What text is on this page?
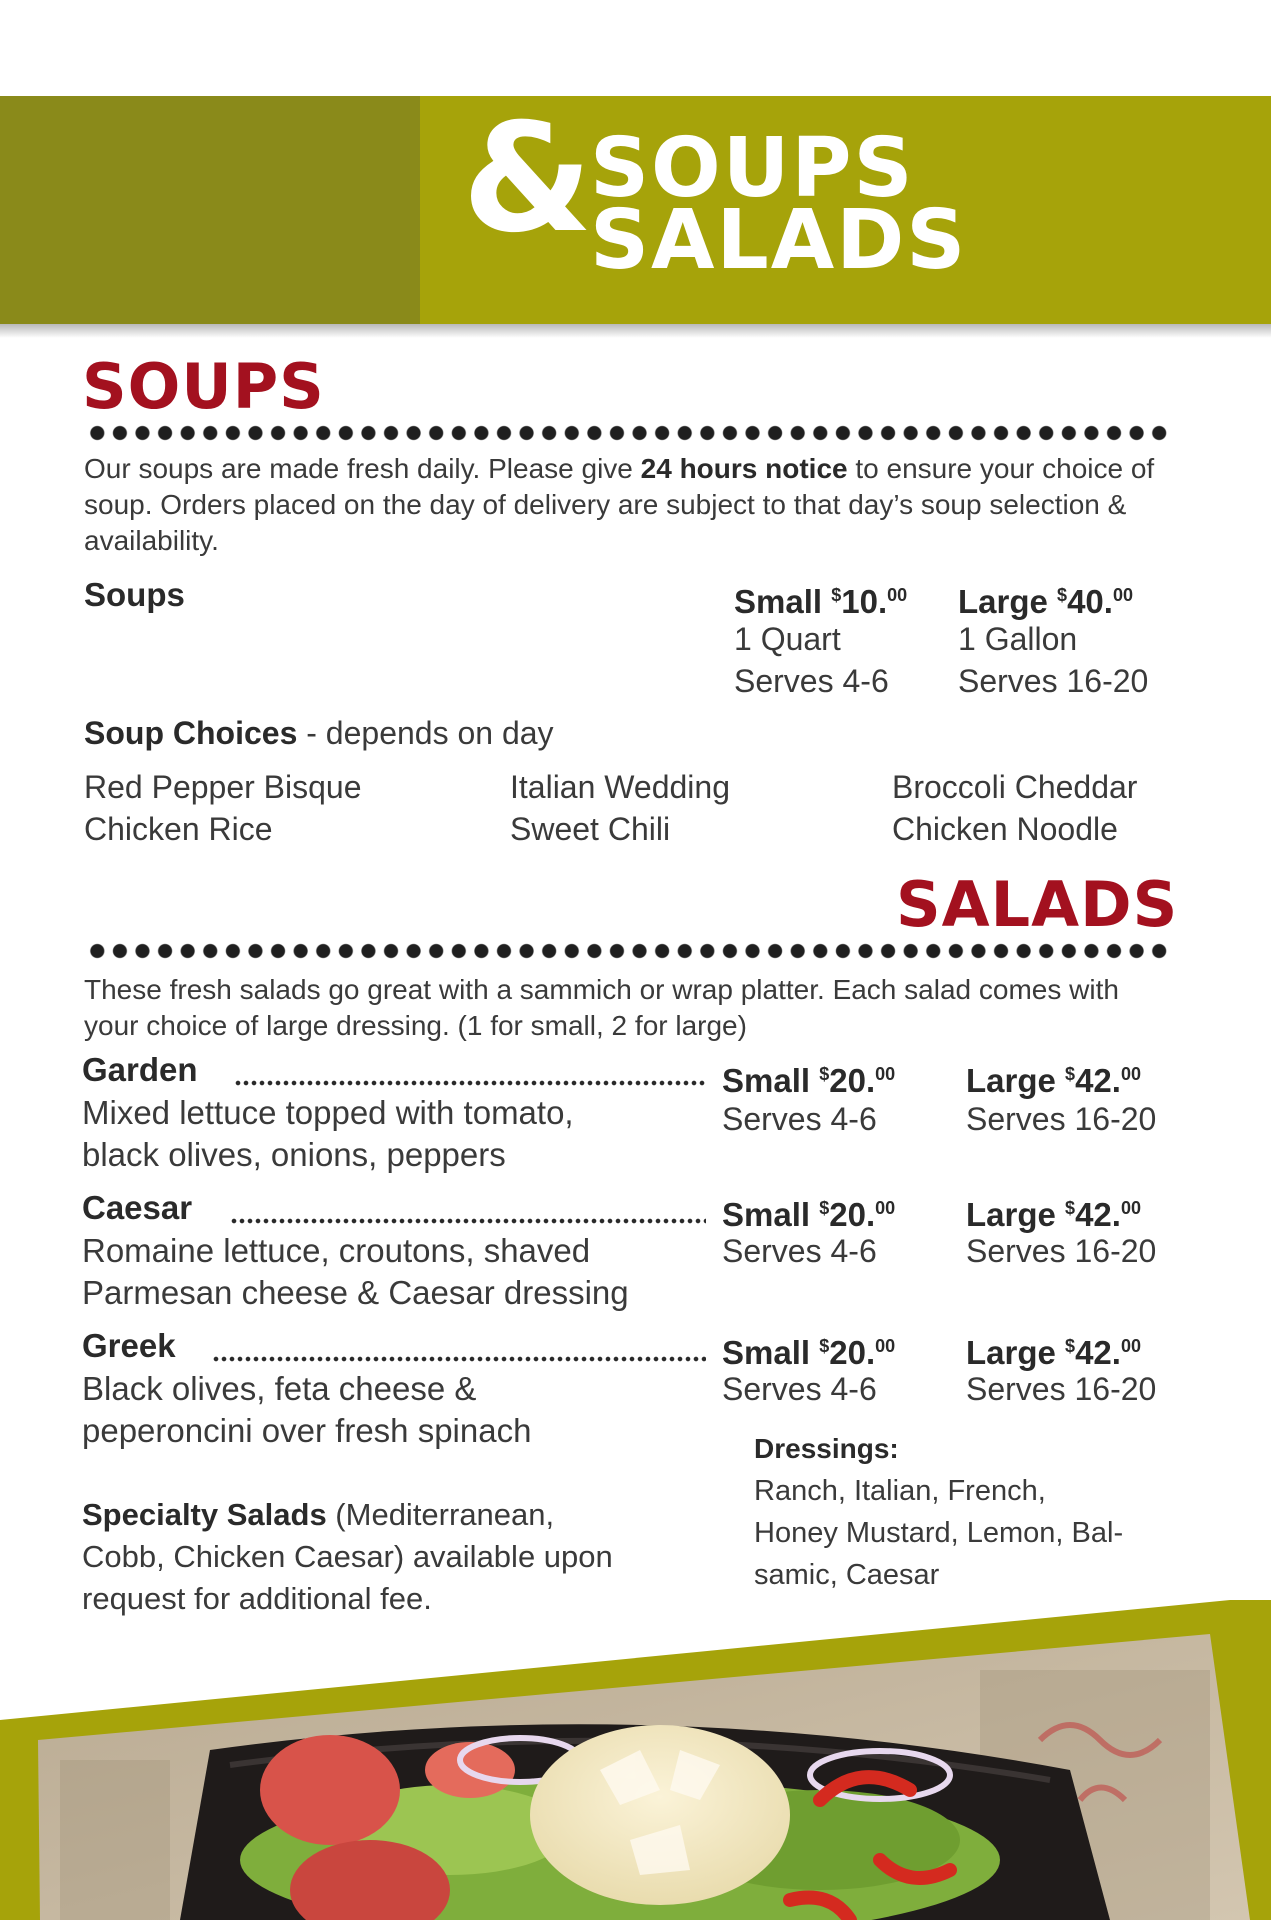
&
SOUPS
SALADS
SOUPS
Our soups are made fresh daily. Please give 24 hours notice to ensure your choice of soup. Orders placed on the day of delivery are subject to that day’s soup selection & availability.
Soups	Small $10.00
1 Quart
Serves 4-6
Large $40.00
1 Gallon
Serves 16-20
Soup Choices - depends on day
Red Pepper Bisque	Italian Wedding	Broccoli Cheddar
Chicken Rice	Sweet Chili	Chicken Noodle
SALADS
These fresh salads go great with a sammich or wrap platter. Each salad comes with your choice of large dressing. (1 for small, 2 for large)
Garden	Small $20.00 Large $42.00
Mixed lettuce topped with tomato,
black olives, onions, peppers
Serves 4-6	Serves 16-20
Caesar	Small $20.00 Large $42.00
Romaine lettuce, croutons, shaved
Parmesan cheese & Caesar dressing
Serves 4-6	Serves 16-20
Greek	Small $20.00 Large $42.00
Black olives, feta cheese &
peperoncini over fresh spinach
Serves 4-6	Serves 16-20
Dressings:
Ranch, Italian, French,
Honey Mustard, Lemon, Bal-
samic, Caesar
Specialty Salads (Mediterranean,
Cobb, Chicken Caesar) available upon
request for additional fee.
